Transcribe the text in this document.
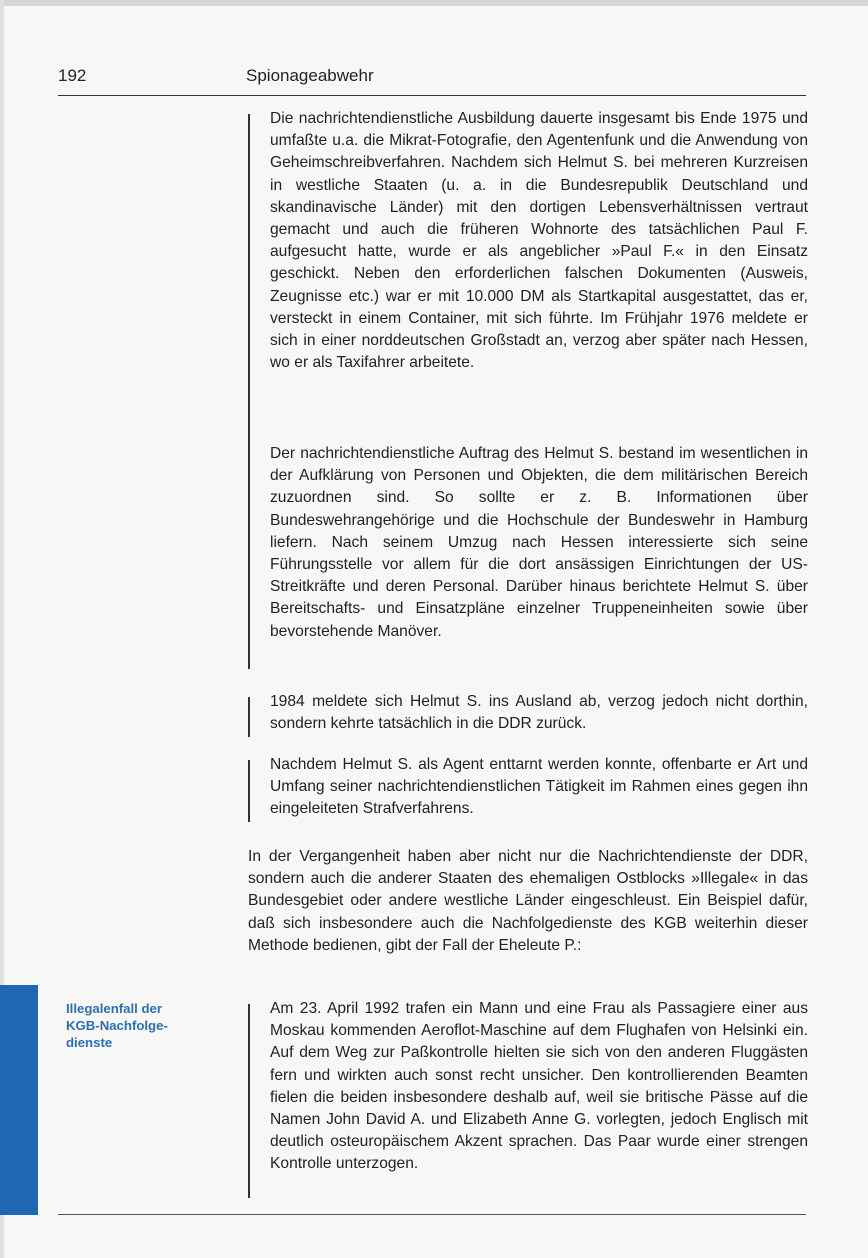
192	Spionageabwehr

Die nachrichtendienstliche Ausbildung dauerte insgesamt bis Ende 1975 und umfaßte u.a. die Mikrat-Fotografie, den Agentenfunk und die Anwendung von Geheimschreibverfahren. Nachdem sich Helmut S. bei mehreren Kurzreisen in westliche Staaten (u. a. in die Bundesrepublik Deutschland und skandinavische Länder) mit den dortigen Lebensverhältnissen vertraut gemacht und auch die früheren Wohnorte des tatsächlichen Paul F. aufgesucht hatte, wurde er als angeblicher »Paul F.« in den Einsatz geschickt. Neben den erforderlichen falschen Dokumenten (Ausweis, Zeugnisse etc.) war er mit 10.000 DM als Startkapital ausgestattet, das er, versteckt in einem Container, mit sich führte. Im Frühjahr 1976 meldete er sich in einer norddeutschen Großstadt an, verzog aber später nach Hessen, wo er als Taxifahrer arbeitete.

Der nachrichtendienstliche Auftrag des Helmut S. bestand im wesentlichen in der Aufklärung von Personen und Objekten, die dem militärischen Bereich zuzuordnen sind. So sollte er z. B. Informationen über Bundeswehrangehörige und die Hochschule der Bundeswehr in Hamburg liefern. Nach seinem Umzug nach Hessen interessierte sich seine Führungsstelle vor allem für die dort ansässigen Einrichtungen der US-Streitkräfte und deren Personal. Darüber hinaus berichtete Helmut S. über Bereitschafts- und Einsatzpläne einzelner Truppeneinheiten sowie über bevorstehende Manöver.

1984 meldete sich Helmut S. ins Ausland ab, verzog jedoch nicht dorthin, sondern kehrte tatsächlich in die DDR zurück.

Nachdem Helmut S. als Agent enttarnt werden konnte, offenbarte er Art und Umfang seiner nachrichtendienstlichen Tätigkeit im Rahmen eines gegen ihn eingeleiteten Strafverfahrens.

In der Vergangenheit haben aber nicht nur die Nachrichtendienste der DDR, sondern auch die anderer Staaten des ehemaligen Ostblocks »Illegale« in das Bundesgebiet oder andere westliche Länder eingeschleust. Ein Beispiel dafür, daß sich insbesondere auch die Nachfolgedienste des KGB weiterhin dieser Methode bedienen, gibt der Fall der Eheleute P.:

Illegalenfall der
KGB-Nachfolge-
dienste

Am 23. April 1992 trafen ein Mann und eine Frau als Passagiere einer aus Moskau kommenden Aeroflot-Maschine auf dem Flughafen von Helsinki ein. Auf dem Weg zur Paßkontrolle hielten sie sich von den anderen Fluggästen fern und wirkten auch sonst recht unsicher. Den kontrollierenden Beamten fielen die beiden insbesondere deshalb auf, weil sie britische Pässe auf die Namen John David A. und Elizabeth Anne G. vorlegten, jedoch Englisch mit deutlich osteuropäischem Akzent sprachen. Das Paar wurde einer strengen Kontrolle unterzogen.
